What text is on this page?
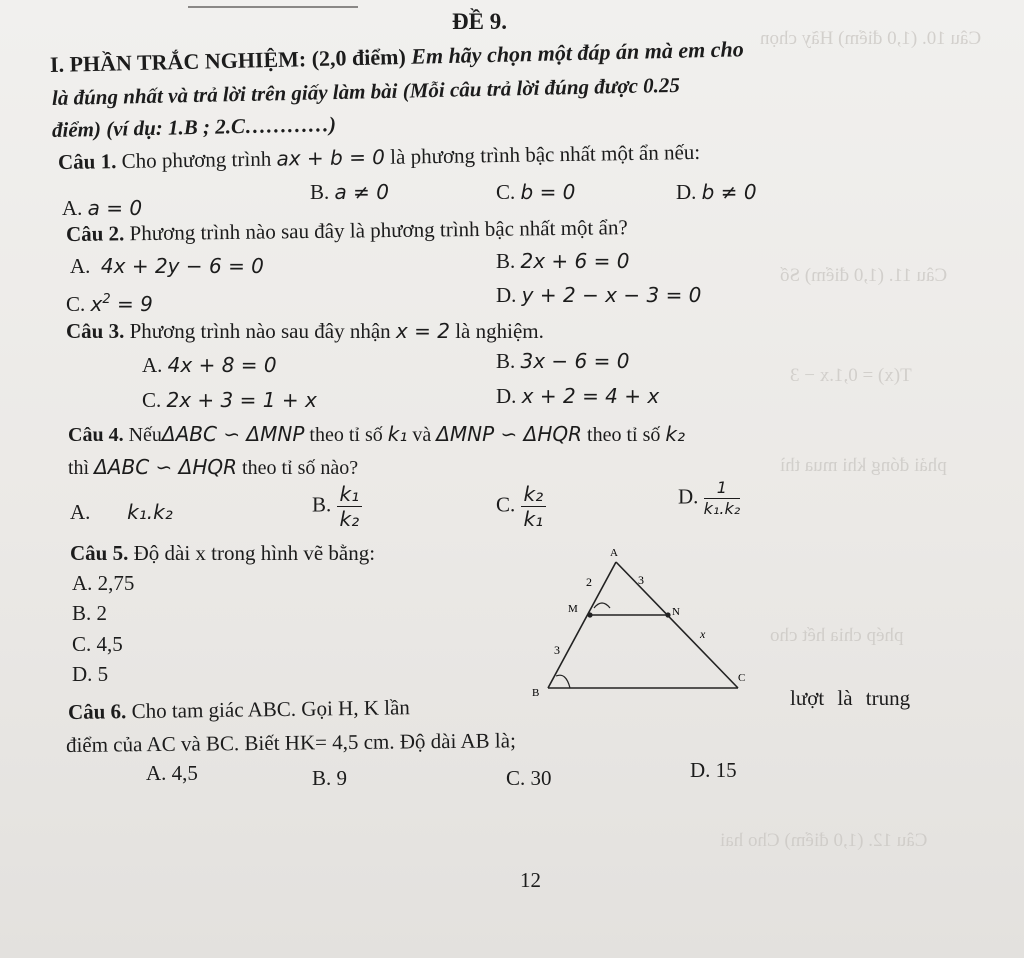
Câu 10. (1,0 điểm) Hãy chọn
Câu 11. (1,0 điểm) Số
T(x) = 0,1.x − 3
phải đóng khi mua thì
phép chia hết cho
Câu 12. (1,0 điểm) Cho hai
ĐỀ 9.
I. PHẦN TRẮC NGHIỆM: (2,0 điểm) Em hãy chọn một đáp án mà em cho
là đúng nhất và trả lời trên giấy làm bài (Mỗi câu trả lời đúng được 0.25
điểm) (ví dụ: 1.B ; 2.C…………)
Câu 1. Cho phương trình ax + b = 0 là phương trình bậc nhất một ẩn nếu:
A. a = 0
B. a ≠ 0	C. b = 0	D. b ≠ 0
Câu 2. Phương trình nào sau đây là phương trình bậc nhất một ẩn?
A. 4x + 2y − 6 = 0	B. 2x + 6 = 0
C. $x^2 = 9$	D. y + 2 − x − 3 = 0
Câu 3. Phương trình nào sau đây nhận x = 2 là nghiệm.
A. 4x + 8 = 0	B. 3x − 6 = 0
C. 2x + 3 = 1 + x	D. x + 2 = 4 + x
Câu 4. NếuΔABC ∽ ΔMNP theo tỉ số k₁ và ΔMNP ∽ ΔHQR theo tỉ số k₂
thì ΔABC ∽ ΔHQR theo tỉ số nào?
A. k₁.k₂	B. $\frac{\text{k₁}}{\text{k₂}}$	C. $\frac{\text{k₂}}{\text{k₁}}$	D. $\frac{1}{\text{k₁.k₂}}$
Câu 5. Độ dài x trong hình vẽ bằng:
A. 2,75
B. 2
C. 4,5
D. 5
A
M	N
B
C
2	3
3
x
Câu 6. Cho tam giác ABC. Gọi H, K lần	lượt là trung
điểm của AC và BC. Biết HK= 4,5 cm. Độ dài AB là;
A. 4,5	B. 9	C. 30	D. 15
12
